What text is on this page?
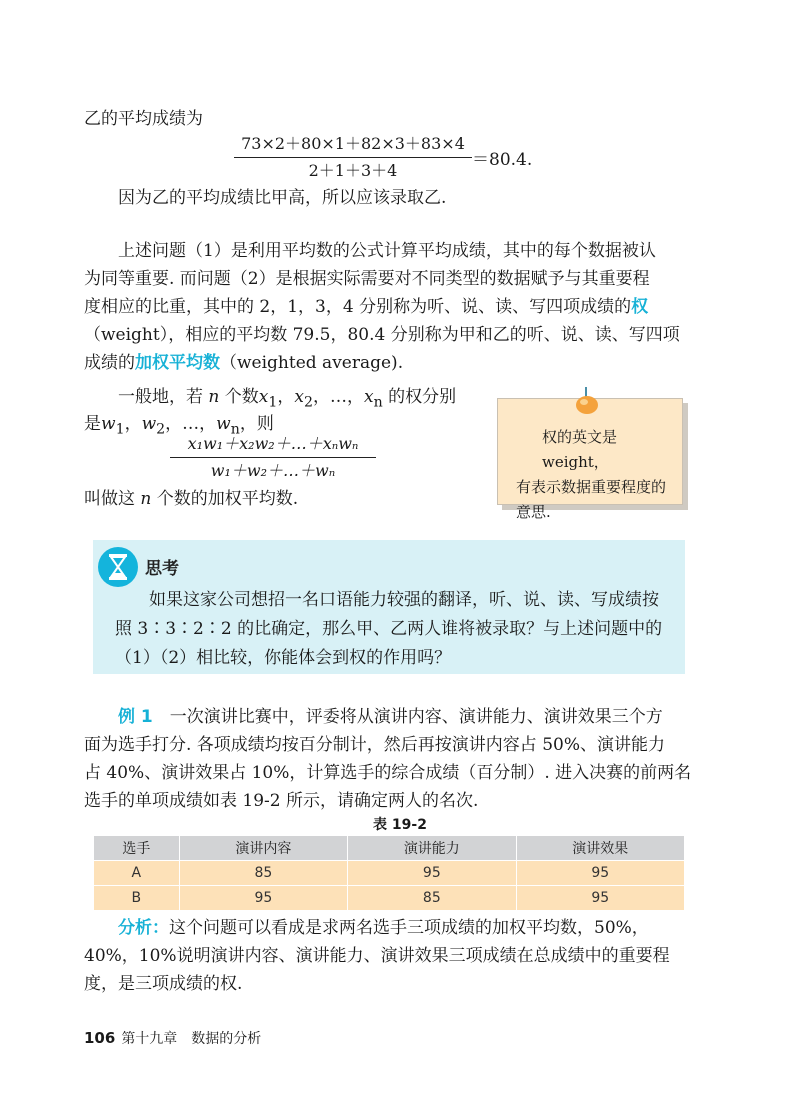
乙的平均成绩为
73×2＋80×1＋82×3＋83×4
2＋1＋3＋4
＝80.4.
因为乙的平均成绩比甲高，所以应该录取乙.
上述问题（1）是利用平均数的公式计算平均成绩，其中的每个数据被认
为同等重要. 而问题（2）是根据实际需要对不同类型的数据赋予与其重要程
度相应的比重，其中的 2，1，3，4 分别称为听、说、读、写四项成绩的权
（weight），相应的平均数 79.5，80.4 分别称为甲和乙的听、说、读、写四项
成绩的加权平均数（weighted average).
一般地，若 n 个数$x_1$，$x_2$，…，$x_n$ 的权分别
是$w_1$，$w_2$，…，$w_n$，则
x₁w₁＋x₂w₂＋…＋xₙwₙ
w₁＋w₂＋…＋wₙ
叫做这 n 个数的加权平均数.
权的英文是 weight，
有表示数据重要程度的
意思.
思考
如果这家公司想招一名口语能力较强的翻译，听、说、读、写成绩按
照 3∶3∶2∶2 的比确定，那么甲、乙两人谁将被录取？与上述问题中的
（1）（2）相比较，你能体会到权的作用吗？
例 1　 一次演讲比赛中，评委将从演讲内容、演讲能力、演讲效果三个方
面为选手打分. 各项成绩均按百分制计，然后再按演讲内容占 50%、演讲能力
占 40%、演讲效果占 10%，计算选手的综合成绩（百分制）. 进入决赛的前两名
选手的单项成绩如表 19-2 所示，请确定两人的名次.
表 19-2
选手	演讲内容	演讲能力	演讲效果
A	85	95	95
B	95	85	95
分析：这个问题可以看成是求两名选手三项成绩的加权平均数，50%，
40%，10%说明演讲内容、演讲能力、演讲效果三项成绩在总成绩中的重要程
度，是三项成绩的权.
106 第十九章　数据的分析
